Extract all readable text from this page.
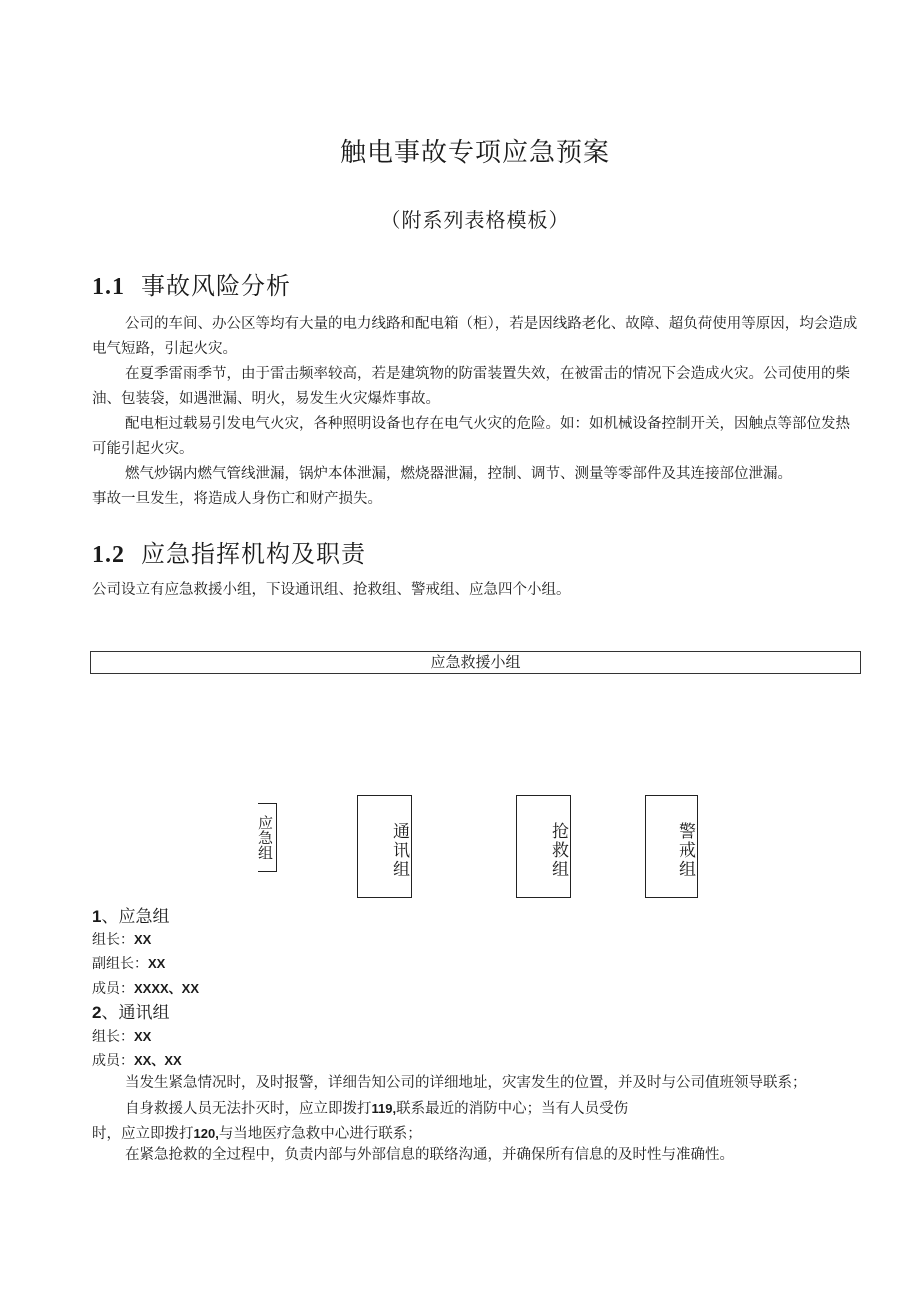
触电事故专项应急预案
（附系列表格模板）
1.1 事故风险分析
公司的车间、办公区等均有大量的电力线路和配电箱（柜），若是因线路老化、故障、超负荷使用等原因，均会造成电气短路，引起火灾。
在夏季雷雨季节，由于雷击频率较高，若是建筑物的防雷装置失效，在被雷击的情况下会造成火灾。公司使用的柴油、包装袋，如遇泄漏、明火，易发生火灾爆炸事故。
配电柜过载易引发电气火灾，各种照明设备也存在电气火灾的危险。如：如机械设备控制开关，因触点等部位发热可能引起火灾。
燃气炒锅内燃气管线泄漏，锅炉本体泄漏，燃烧器泄漏，控制、调节、测量等零部件及其连接部位泄漏。
事故一旦发生，将造成人身伤亡和财产损失。
1.2 应急指挥机构及职责
公司设立有应急救援小组，下设通讯组、抢救组、警戒组、应急四个小组。
应急救援小组
应急组	通讯组	抢救组	警戒组
1、应急组
组长：XX
副组长：XX
成员：XXXX、XX
2、通讯组
组长：XX
成员：XX、XX
当发生紧急情况时，及时报警，详细告知公司的详细地址，灾害发生的位置，并及时与公司值班领导联系；
自身救援人员无法扑灭时，应立即拨打119,联系最近的消防中心；当有人员受伤
时，应立即拨打120,与当地医疗急救中心进行联系；
在紧急抢救的全过程中，负责内部与外部信息的联络沟通，并确保所有信息的及时性与准确性。
